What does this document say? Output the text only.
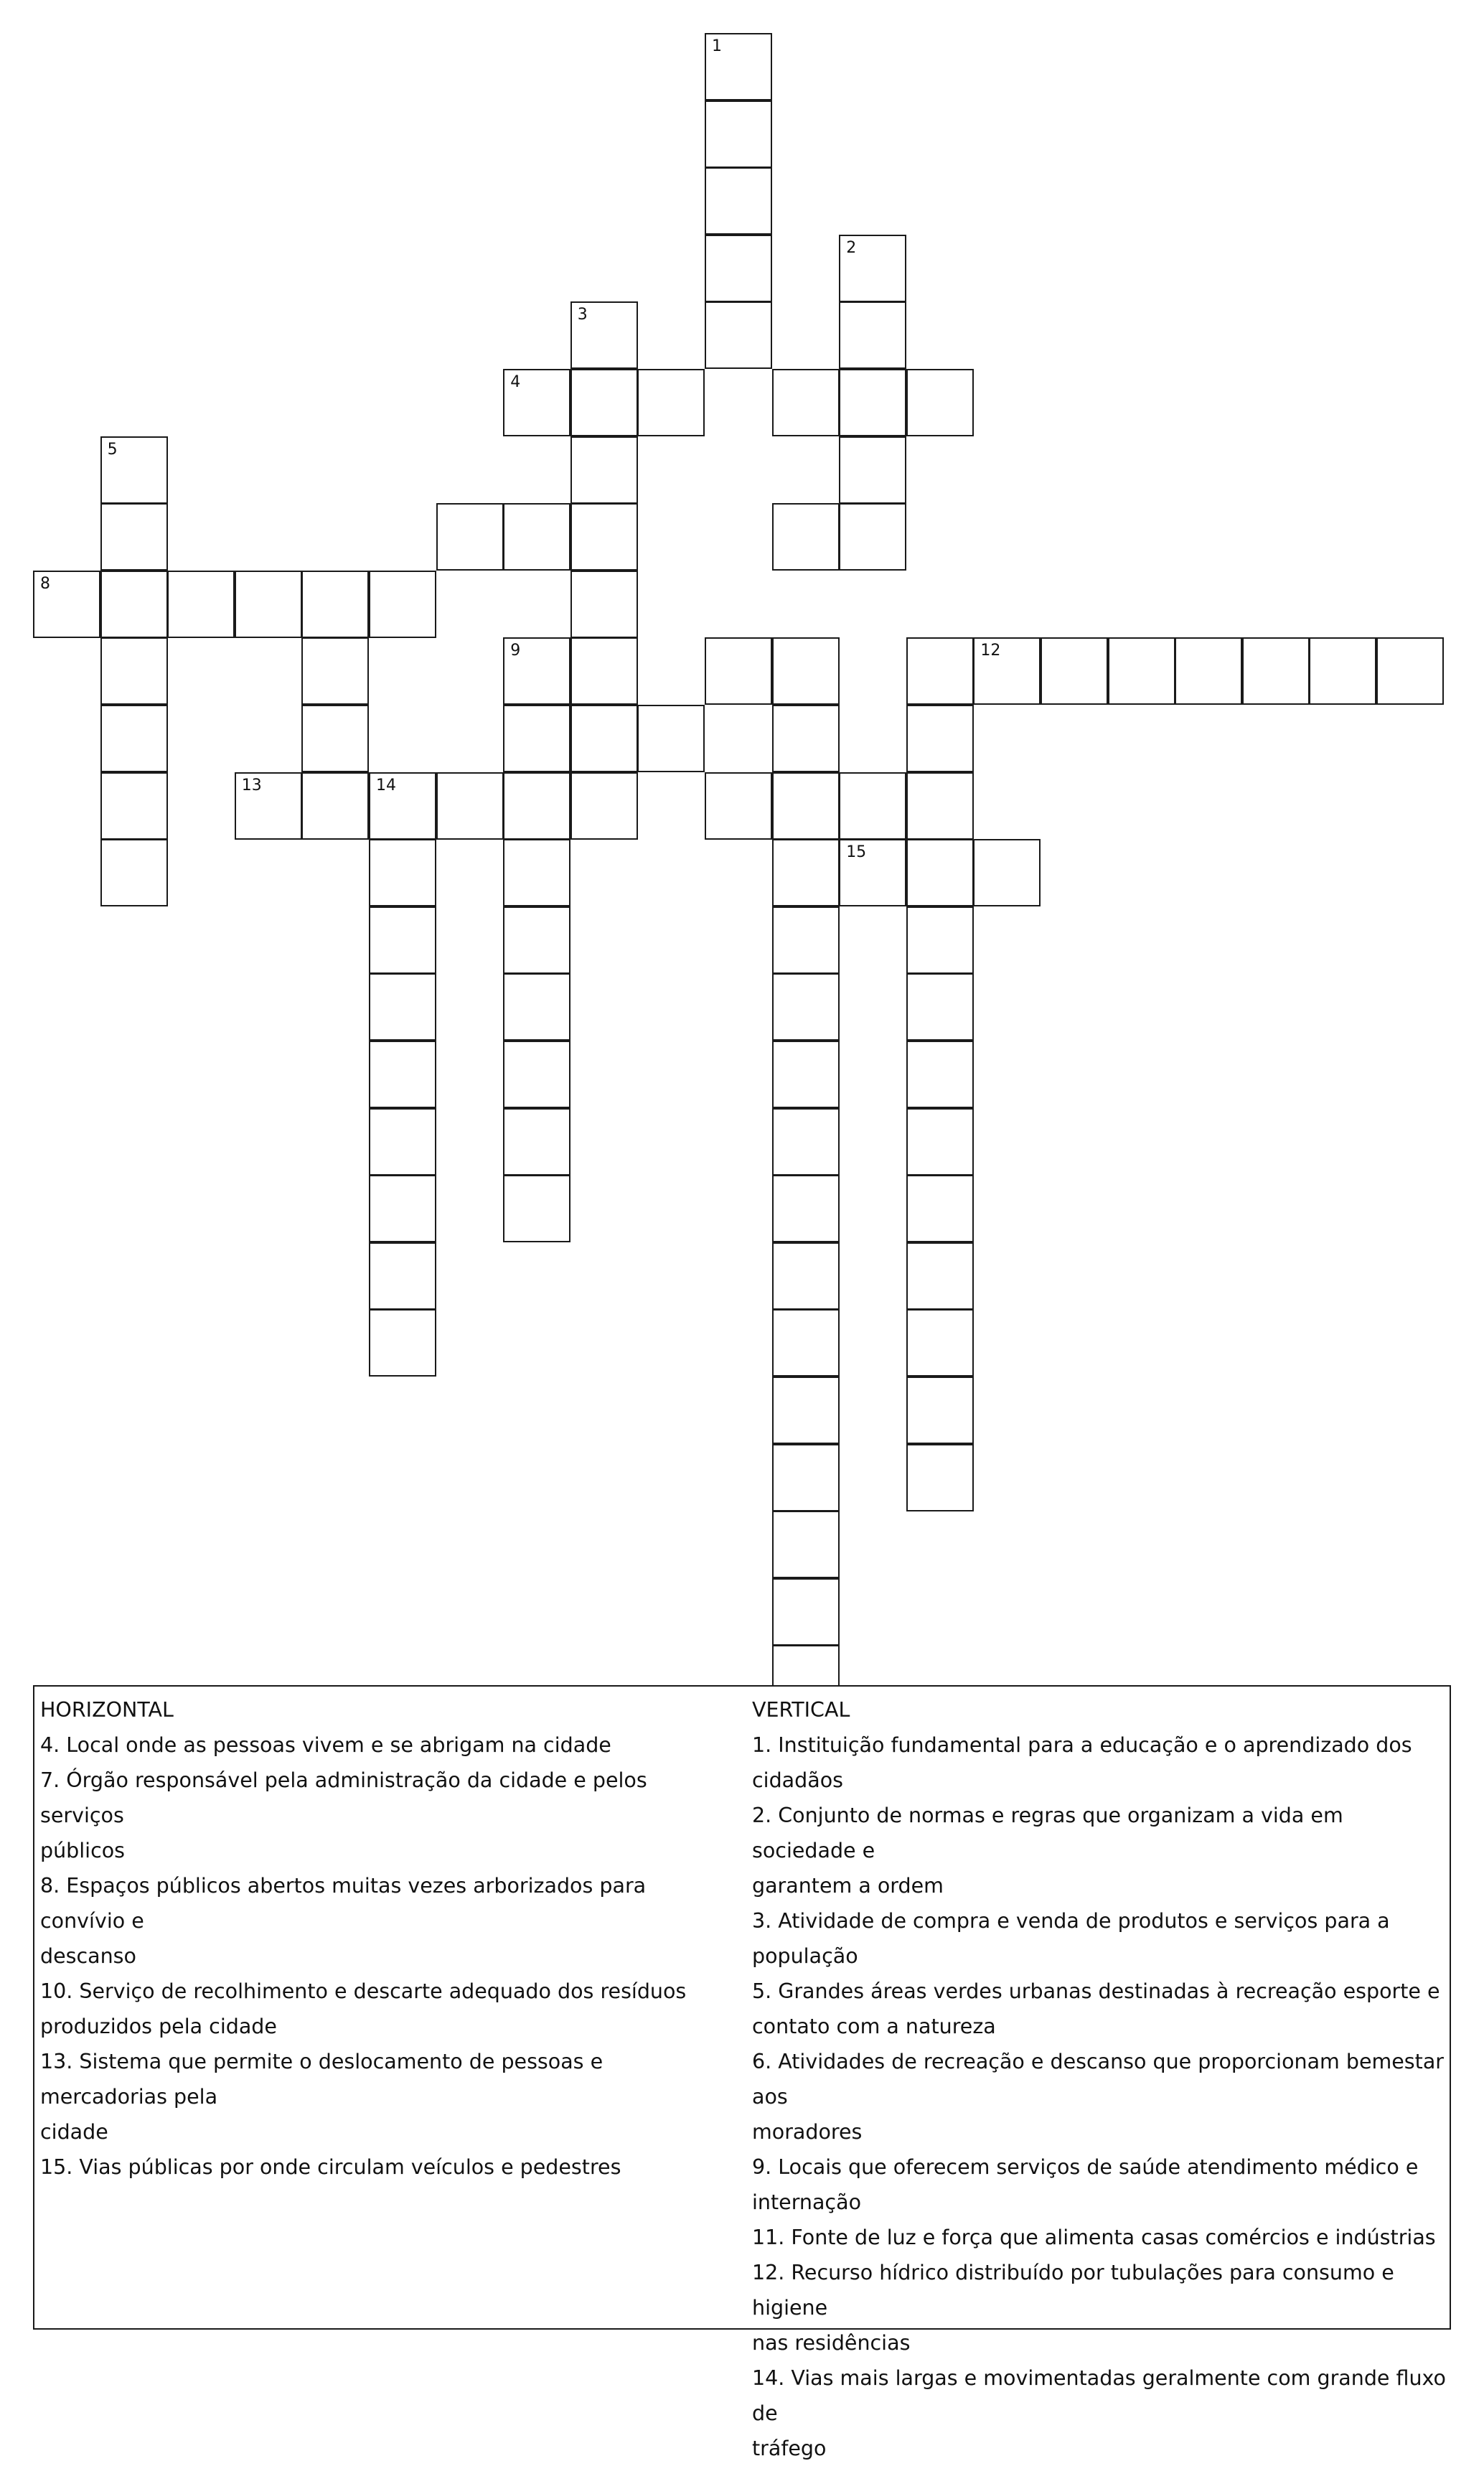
1
2
3
4
5
8
9	12
13	14
15
HORIZONTAL
4. Local onde as pessoas vivem e se abrigam na cidade
7. Órgão responsável pela administração da cidade e pelos serviços
públicos
8. Espaços públicos abertos muitas vezes arborizados para convívio e
descanso
10. Serviço de recolhimento e descarte adequado dos resíduos
produzidos pela cidade
13. Sistema que permite o deslocamento de pessoas e mercadorias pela
cidade
15. Vias públicas por onde circulam veículos e pedestres
VERTICAL
1. Instituição fundamental para a educação e o aprendizado dos
cidadãos
2. Conjunto de normas e regras que organizam a vida em sociedade e
garantem a ordem
3. Atividade de compra e venda de produtos e serviços para a população
5. Grandes áreas verdes urbanas destinadas à recreação esporte e
contato com a natureza
6. Atividades de recreação e descanso que proporcionam bemestar aos
moradores
9. Locais que oferecem serviços de saúde atendimento médico e
internação
11. Fonte de luz e força que alimenta casas comércios e indústrias
12. Recurso hídrico distribuído por tubulações para consumo e higiene
nas residências
14. Vias mais largas e movimentadas geralmente com grande fluxo de
tráfego
